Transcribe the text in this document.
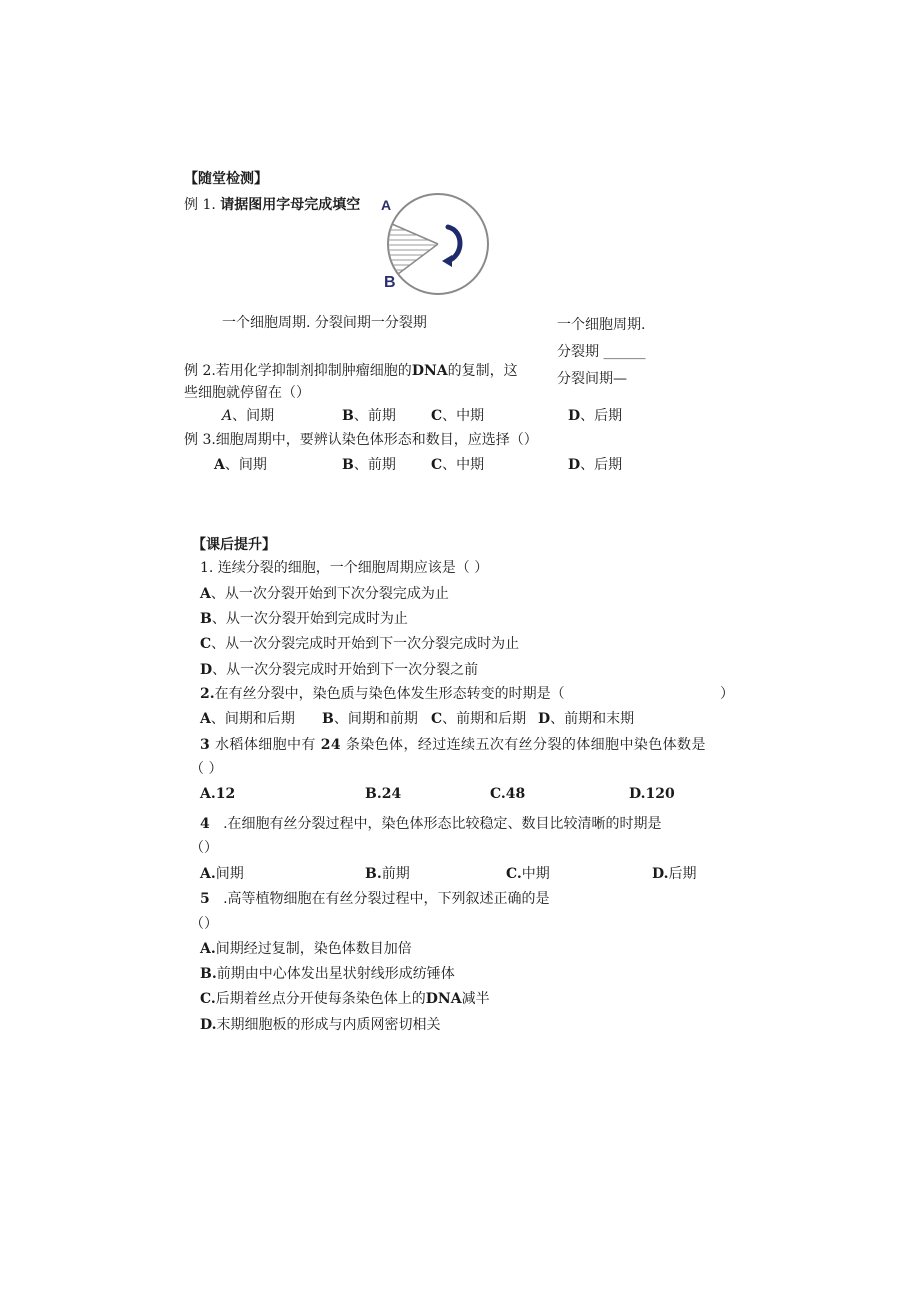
【随堂检测】
例 1. 请据图用字母完成填空 A
B
一个细胞周期. 分裂间期一分裂期	一个细胞周期.
分裂期 ______
分裂间期—
例 2.若用化学抑制剂抑制肿瘤细胞的DNA的复制，这
些细胞就停留在（）
A、间期	B、前期	C、中期	D、后期
例 3.细胞周期中，要辨认染色体形态和数目，应选择（）
A、间期	B、前期	C、中期	D、后期
【课后提升】
1. 连续分裂的细胞，一个细胞周期应该是（ ）
A、从一次分裂开始到下次分裂完成为止
B、从一次分裂开始到完成时为止
C、从一次分裂完成时开始到下一次分裂完成时为止
D、从一次分裂完成时开始到下一次分裂之前
2.在有丝分裂中，染色质与染色体发生形态转变的时期是（	）
A、间期和后期 B、间期和前期 C、前期和后期 D、前期和末期
3 水稻体细胞中有 24 条染色体，经过连续五次有丝分裂的体细胞中染色体数是
（ ）
A.12	B.24	C.48	D.120
4 .在细胞有丝分裂过程中，染色体形态比较稳定、数目比较清晰的时期是
（）
A.间期	B.前期	C.中期	D.后期
5 .高等植物细胞在有丝分裂过程中，下列叙述正确的是
（）
A.间期经过复制，染色体数目加倍
B.前期由中心体发出星状射线形成纺锤体
C.后期着丝点分开使每条染色体上的DNA减半
D.末期细胞板的形成与内质网密切相关
